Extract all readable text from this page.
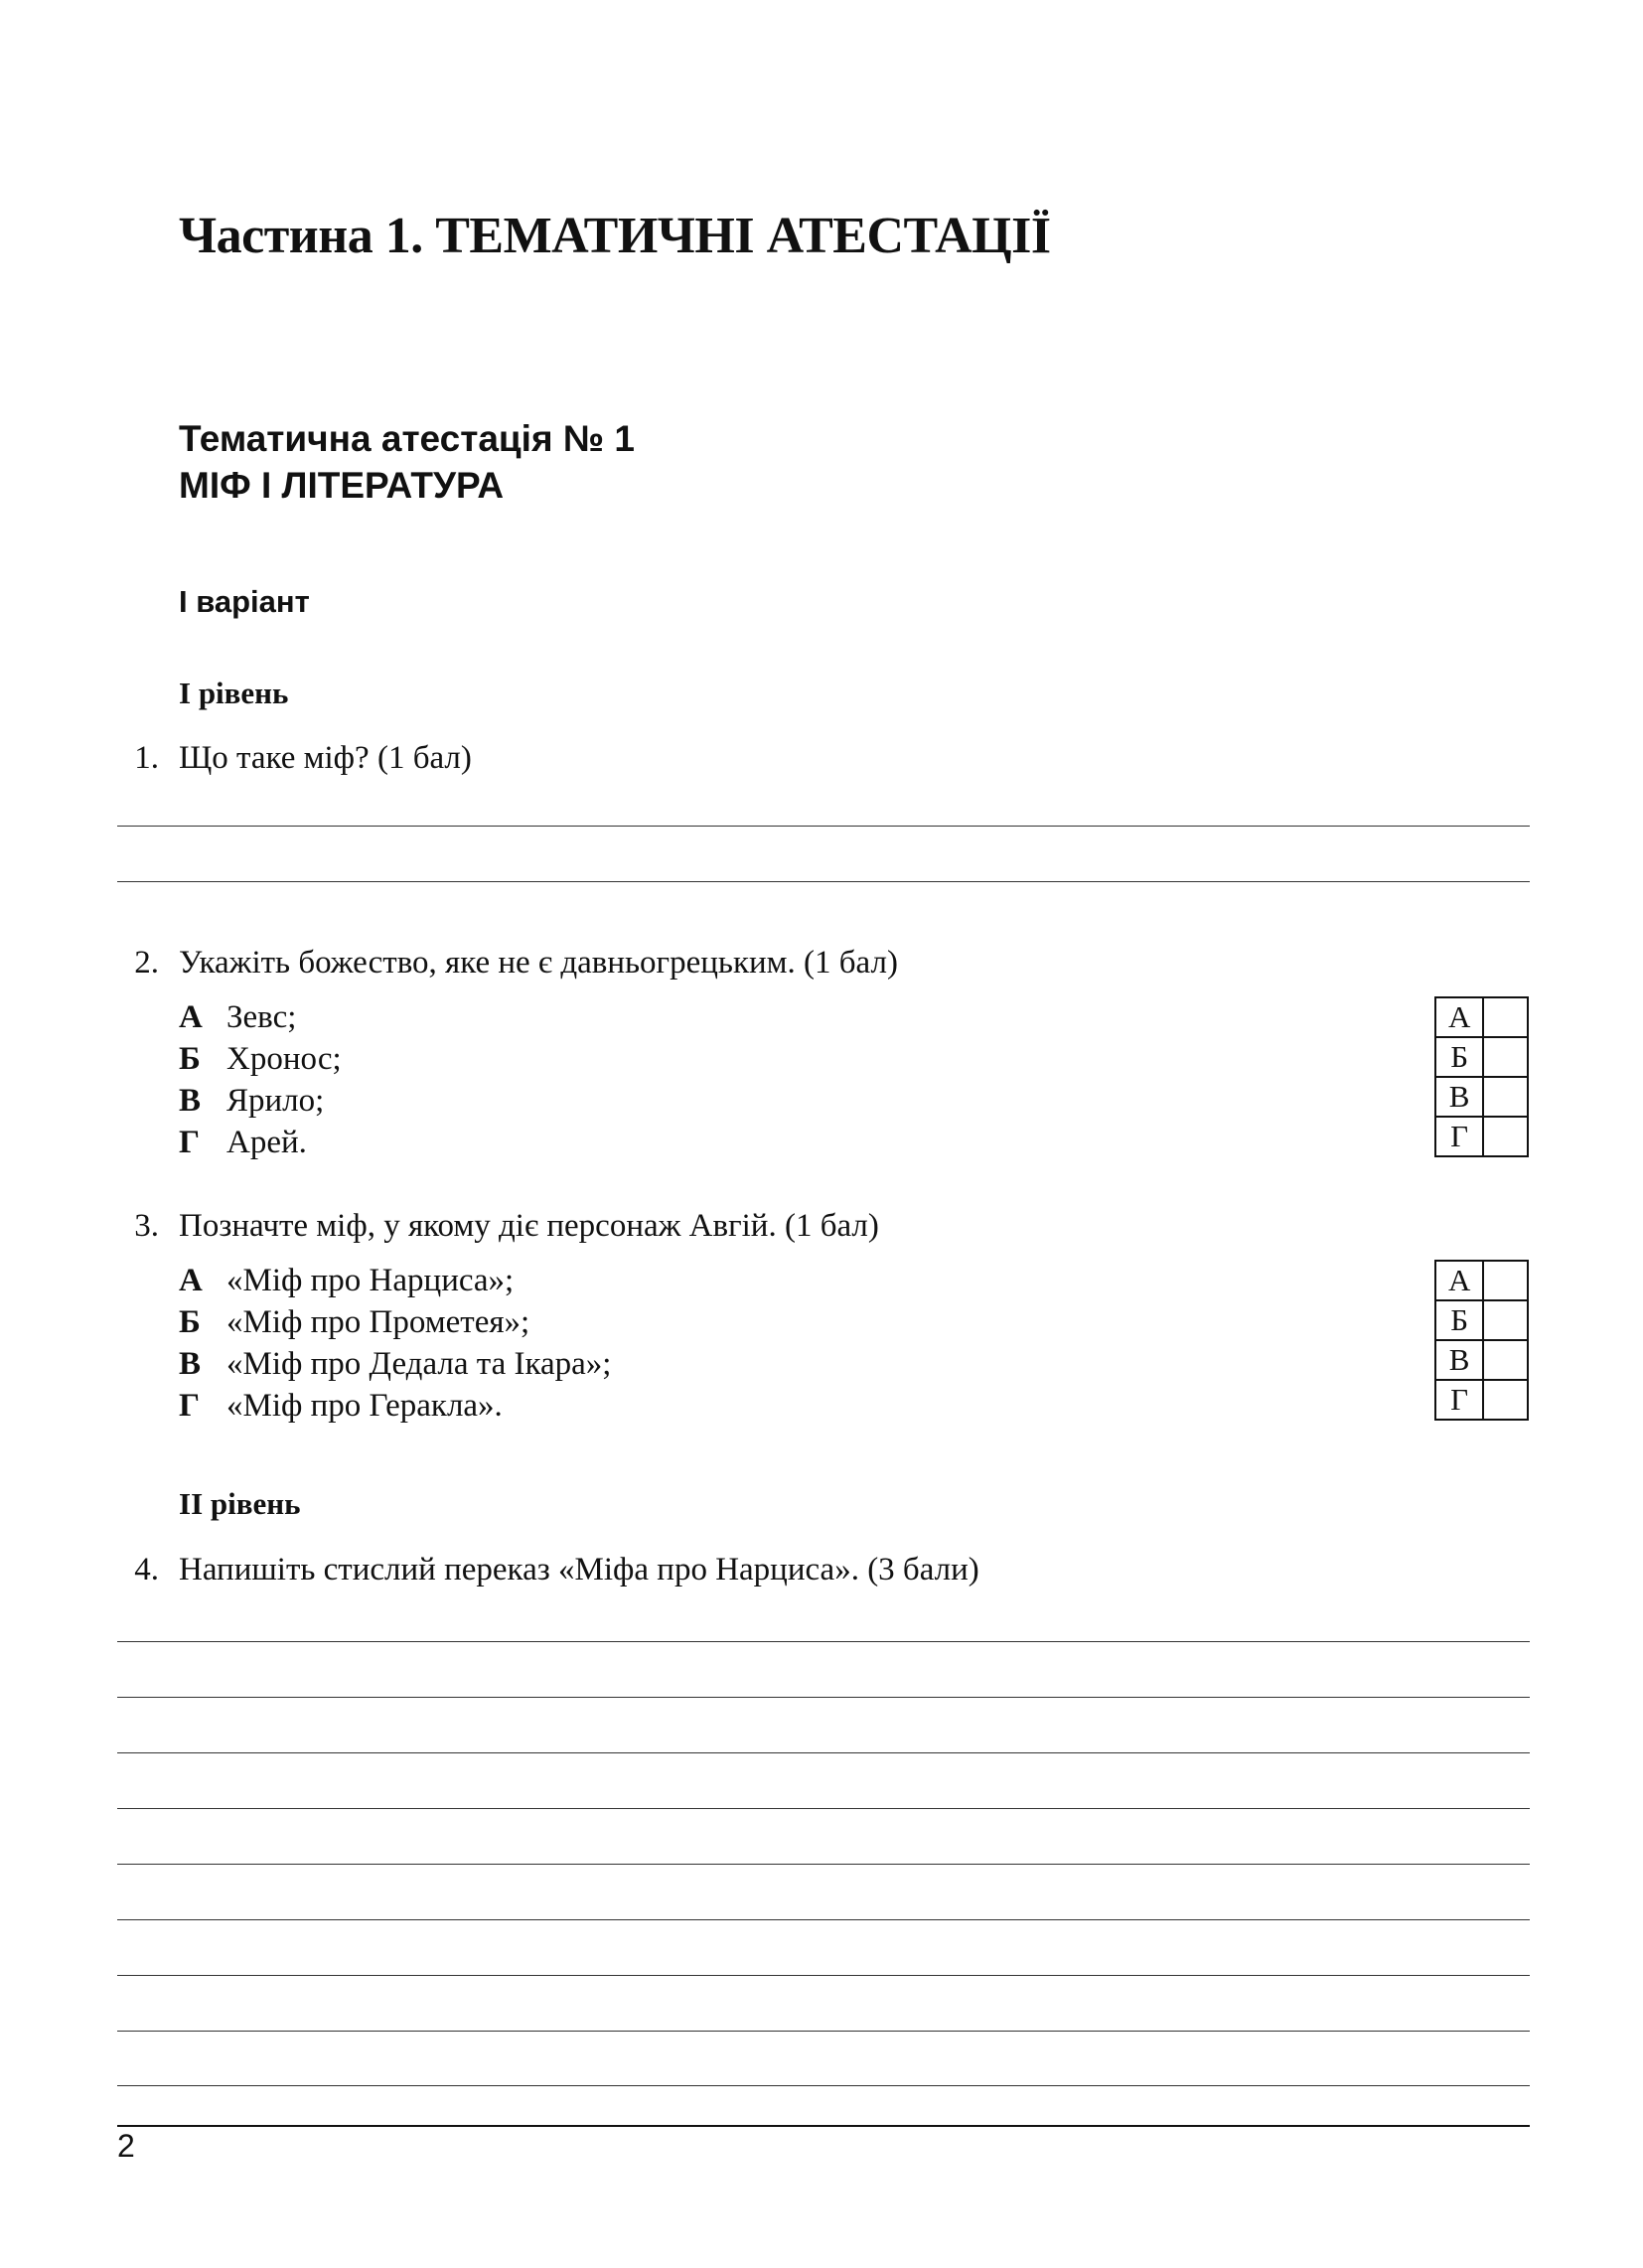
Частина 1. ТЕМАТИЧНІ АТЕСТАЦІЇ
Тематична атестація № 1
МІФ І ЛІТЕРАТУРА
І варіант
І рівень
1. Що таке міф? (1 бал)
2. Укажіть божество, яке не є давньогрецьким. (1 бал)
А Зевс;
Б Хронос;
В Ярило;
Г Арей.
А	
Б	
В	
Г	
3. Позначте міф, у якому діє персонаж Авгій. (1 бал)
А «Міф про Нарциса»;
Б «Міф про Прометея»;
В «Міф про Дедала та Ікара»;
Г «Міф про Геракла».
А	
Б	
В	
Г	
ІІ рівень
4. Напишіть стислий переказ «Міфа про Нарциса». (3 бали)
2
